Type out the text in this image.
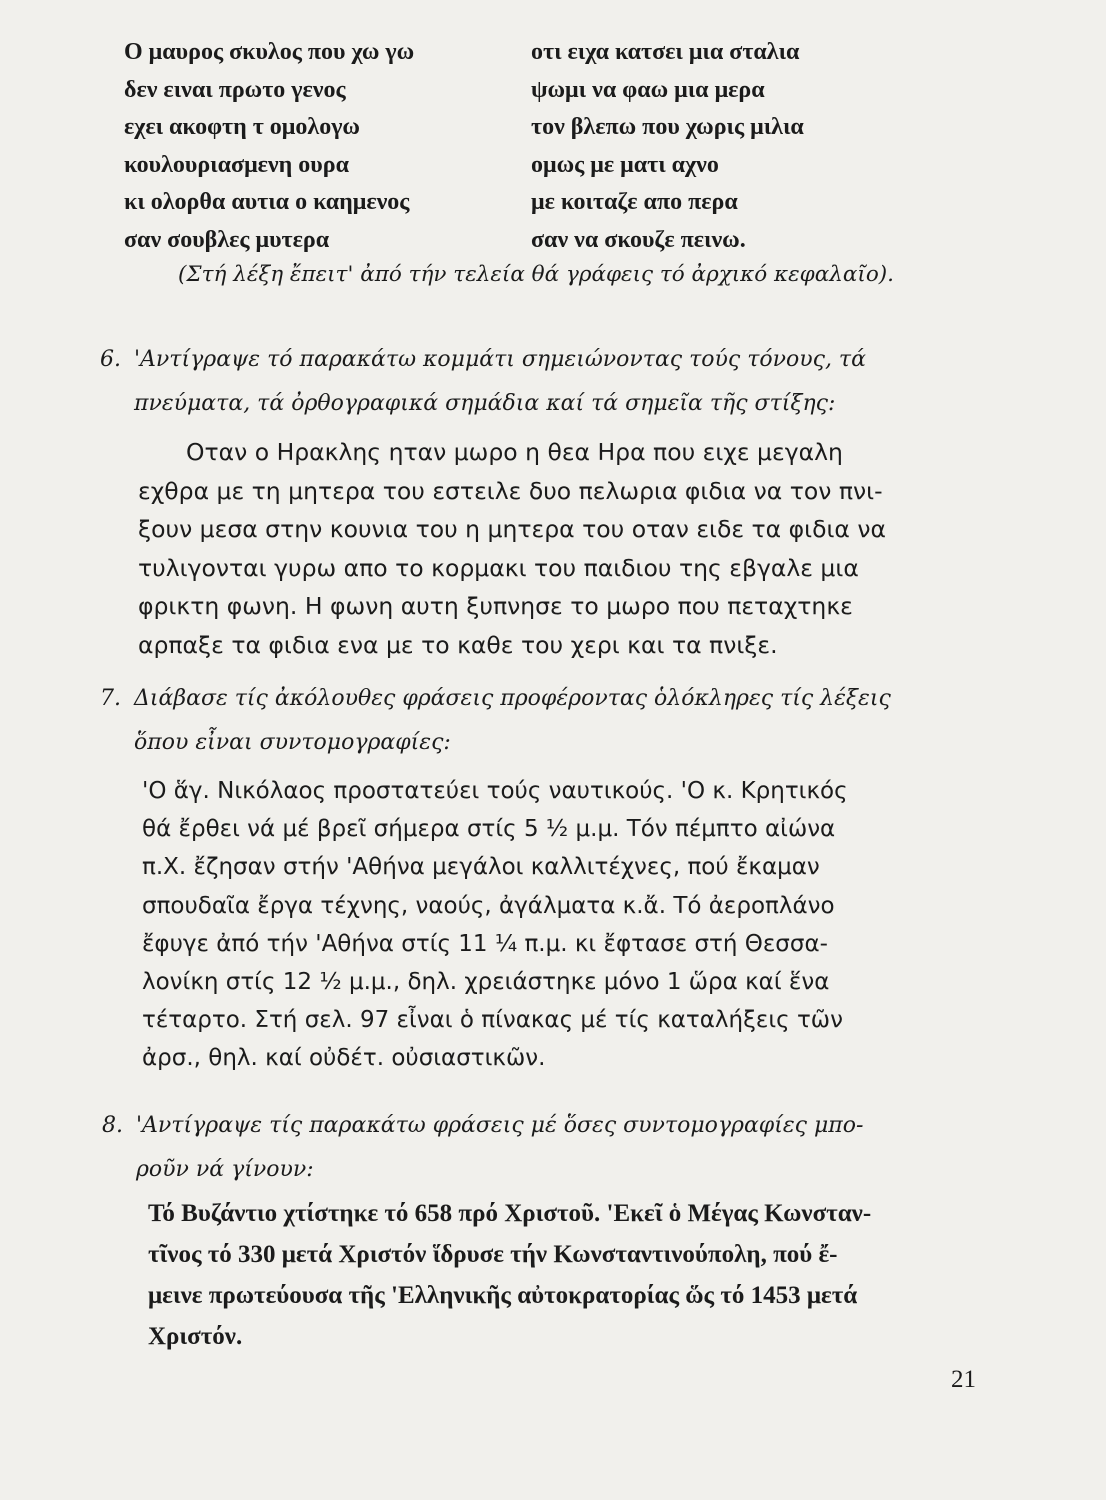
Ο μαυρος σκυλος που χω γω
δεν ειναι πρωτο γενος
εχει ακοφτη τ ομολογω
κουλουριασμενη ουρα
κι ολορθα αυτια ο καημενος
σαν σουβλες μυτερα
οτι ειχα κατσει μια σταλια
ψωμι να φαω μια μερα
τον βλεπω που χωρις μιλια
ομως με ματι αχνο
με κοιταζε απο περα
σαν να σκουζε πεινω.
(Στή λέξη ἔπειτ' ἀπό τήν τελεία θά γράφεις τό ἀρχικό κεφαλαῖο).
6. 'Αντίγραψε τό παρακάτω κομμάτι σημειώνοντας τούς τόνους, τά
πνεύματα, τά ὀρθογραφικά σημάδια καί τά σημεῖα τῆς στίξης:
Οταν ο Ηρακλης ηταν μωρο η θεα Ηρα που ειχε μεγαλη
εχθρα με τη μητερα του εστειλε δυο πελωρια φιδια να τον πνι-
ξουν μεσα στην κουνια του η μητερα του οταν ειδε τα φιδια να
τυλιγονται γυρω απο το κορμακι του παιδιου της εβγαλε μια
φρικτη φωνη. Η φωνη αυτη ξυπνησε το μωρο που πεταχτηκε
αρπαξε τα φιδια ενα με το καθε του χερι και τα πνιξε.
7. Διάβασε τίς ἀκόλουθες φράσεις προφέροντας ὁλόκληρες τίς λέξεις
ὅπου εἶναι συντομογραφίες:
'Ο ἅγ. Νικόλαος προστατεύει τούς ναυτικούς. 'Ο κ. Κρητικός
θά ἔρθει νά μέ βρεῖ σήμερα στίς 5 ½ μ.μ. Τόν πέμπτο αἰώνα
π.Χ. ἔζησαν στήν 'Αθήνα μεγάλοι καλλιτέχνες, πού ἔκαμαν
σπουδαῖα ἔργα τέχνης, ναούς, ἀγάλματα κ.ἄ. Τό ἀεροπλάνο
ἔφυγε ἀπό τήν 'Αθήνα στίς 11 ¼ π.μ. κι ἔφτασε στή Θεσσα-
λονίκη στίς 12 ½ μ.μ., δηλ. χρειάστηκε μόνο 1 ὥρα καί ἕνα
τέταρτο. Στή σελ. 97 εἶναι ὁ πίνακας μέ τίς καταλήξεις τῶν
ἀρσ., θηλ. καί οὐδέτ. οὐσιαστικῶν.
8. 'Αντίγραψε τίς παρακάτω φράσεις μέ ὅσες συντομογραφίες μπο-
ροῦν νά γίνουν:
Τό Βυζάντιο χτίστηκε τό 658 πρό Χριστοῦ. 'Εκεῖ ὁ Μέγας Κωνσταν-
τῖνος τό 330 μετά Χριστόν ἵδρυσε τήν Κωνσταντινούπολη, πού ἔ-
μεινε πρωτεύουσα τῆς 'Ελληνικῆς αὐτοκρατορίας ὥς τό 1453 μετά
Χριστόν.
21
